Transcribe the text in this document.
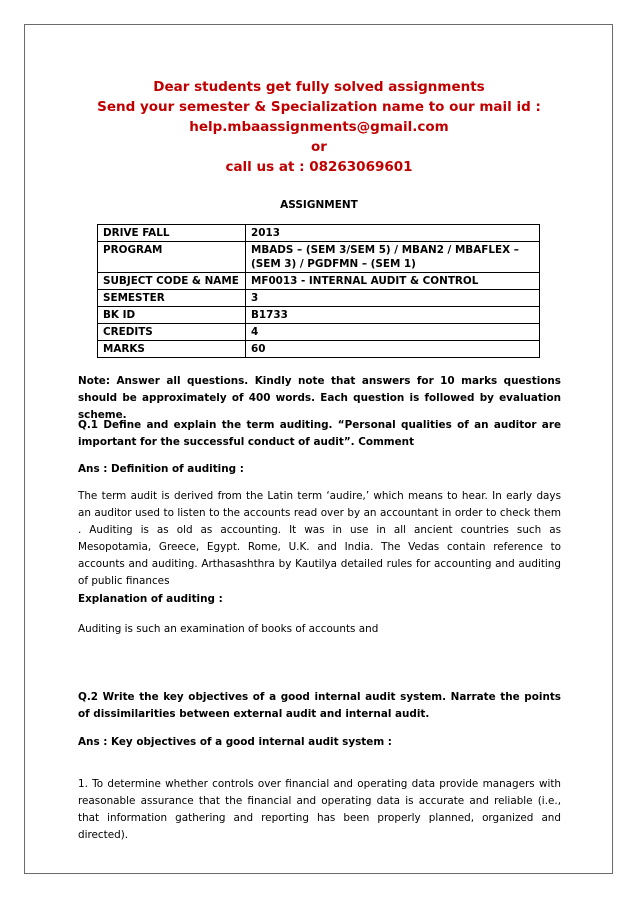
Dear students get fully solved assignments
Send your semester & Specialization name to our mail id :
help.mbaassignments@gmail.com
or
call us at : 08263069601
ASSIGNMENT
DRIVE FALL	2013
PROGRAM	MBADS – (SEM 3/SEM 5) / MBAN2 / MBAFLEX – (SEM 3) / PGDFMN – (SEM 1)
SUBJECT CODE & NAME	MF0013 - INTERNAL AUDIT & CONTROL
SEMESTER	3
BK ID	B1733
CREDITS	4
MARKS	60

Note: Answer all questions. Kindly note that answers for 10 marks questions should be approximately of 400 words. Each question is followed by evaluation scheme.

Q.1 Define and explain the term auditing. “Personal qualities of an auditor are important for the successful conduct of audit”. Comment

Ans : Definition of auditing :

The term audit is derived from the Latin term ‘audire,’ which means to hear. In early days an auditor used to listen to the accounts read over by an accountant in order to check them . Auditing is as old as accounting. It was in use in all ancient countries such as Mesopotamia, Greece, Egypt. Rome, U.K. and India. The Vedas contain reference to accounts and auditing. Arthasashthra by Kautilya detailed rules for accounting and auditing of public finances

Explanation of auditing :

Auditing is such an examination of books of accounts and

Q.2 Write the key objectives of a good internal audit system. Narrate the points of dissimilarities between external audit and internal audit.

Ans : Key objectives of a good internal audit system :

1. To determine whether controls over financial and operating data provide managers with reasonable assurance that the financial and operating data is accurate and reliable (i.e., that information gathering and reporting has been properly planned, organized and directed).
